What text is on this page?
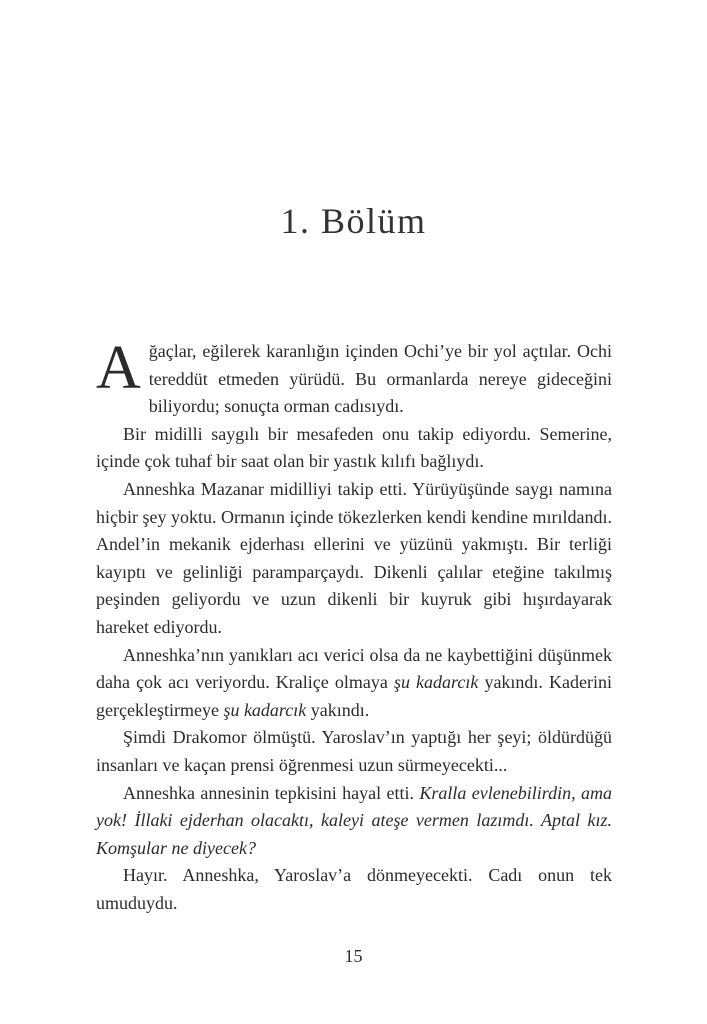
1. Bölüm

Ağaçlar, eğilerek karanlığın içinden Ochi’ye bir yol açtılar. Ochi tereddüt etmeden yürüdü. Bu ormanlarda nereye gideceğini biliyordu; sonuçta orman cadısıydı.

Bir midilli saygılı bir mesafeden onu takip ediyordu. Semerine, içinde çok tuhaf bir saat olan bir yastık kılıfı bağlıydı.

Anneshka Mazanar midilliyi takip etti. Yürüyüşünde saygı namına hiçbir şey yoktu. Ormanın içinde tökezlerken kendi kendine mırıldandı. Andel’in mekanik ejderhası ellerini ve yüzünü yakmıştı. Bir terliği kayıptı ve gelinliği paramparçaydı. Dikenli çalılar eteğine takılmış peşinden geliyordu ve uzun dikenli bir kuyruk gibi hışırdayarak hareket ediyordu.

Anneshka’nın yanıkları acı verici olsa da ne kaybettiğini düşünmek daha çok acı veriyordu. Kraliçe olmaya şu kadarcık yakındı. Kaderini gerçekleştirmeye şu kadarcık yakındı.

Şimdi Drakomor ölmüştü. Yaroslav’ın yaptığı her şeyi; öldürdüğü insanları ve kaçan prensi öğrenmesi uzun sürmeyecekti...

Anneshka annesinin tepkisini hayal etti. Kralla evlenebilirdin, ama yok! İllaki ejderhan olacaktı, kaleyi ateşe vermen lazımdı. Aptal kız. Komşular ne diyecek?

Hayır. Anneshka, Yaroslav’a dönmeyecekti. Cadı onun tek umuduydu.

15
